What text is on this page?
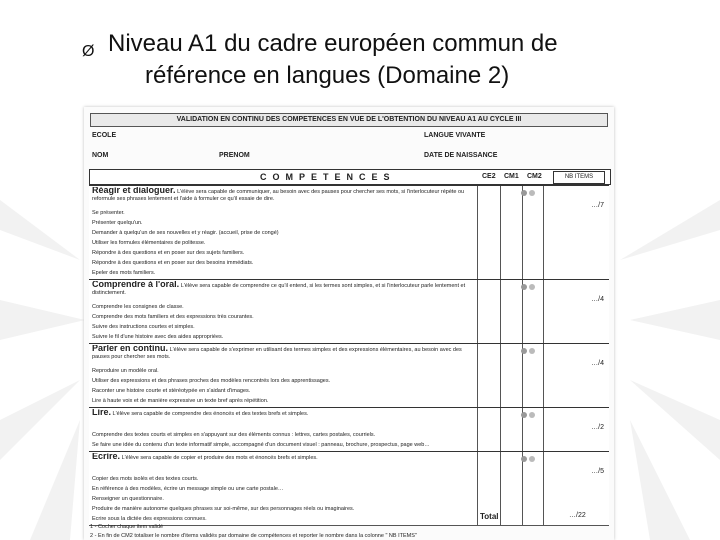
Ø Niveau A1 du cadre européen commun de
référence en langues (Domaine 2)
VALIDATION EN CONTINU DES COMPETENCES EN VUE DE L'OBTENTION DU NIVEAU A1 AU CYCLE III
ECOLE	LANGUE VIVANTE
NOM	PRENOM	DATE DE NAISSANCE
COMPETENCES	CE2 CM1 CM2	NB ITEMS
Réagir et dialoguer. L'élève sera capable de communiquer, au besoin avec des pauses pour chercher ses mots, si l'interlocuteur répète ou reformule ses phrases lentement et l'aide à formuler ce qu'il essaie de dire.
…/7
Se présenter.
Présenter quelqu'un.
Demander à quelqu'un de ses nouvelles et y réagir. (accueil, prise de congé)
Utiliser les formules élémentaires de politesse.
Répondre à des questions et en poser sur des sujets familiers.
Répondre à des questions et en poser sur des besoins immédiats.
Epeler des mots familiers.
Comprendre à l'oral. L'élève sera capable de comprendre ce qu'il entend, si les termes sont simples, et si l'interlocuteur parle lentement et distinctement.
…/4
Comprendre les consignes de classe.
Comprendre des mots familiers et des expressions très courantes.
Suivre des instructions courtes et simples.
Suivre le fil d'une histoire avec des aides appropriées.
Parler en continu. L'élève sera capable de s'exprimer en utilisant des termes simples et des expressions élémentaires, au besoin avec des pauses pour chercher ses mots.
…/4
Reproduire un modèle oral.
Utiliser des expressions et des phrases proches des modèles rencontrés lors des apprentissages.
Raconter une histoire courte et stéréotypée en s'aidant d'images.
Lire à haute voix et de manière expressive un texte bref après répétition.
Lire. L'élève sera capable de comprendre des énoncés et des textes brefs et simples.
…/2
Comprendre des textes courts et simples en s'appuyant sur des éléments connus : lettres, cartes postales, courriels.
Se faire une idée du contenu d'un texte informatif simple, accompagné d'un document visuel : panneau, brochure, prospectus, page web…
Ecrire. L'élève sera capable de copier et produire des mots et énoncés brefs et simples.
…/5
Copier des mots isolés et des textes courts.
En référence à des modèles, écrire un message simple ou une carte postale…
Renseigner un questionnaire.
Produire de manière autonome quelques phrases sur soi-même, sur des personnages réels ou imaginaires.
Ecrire sous la dictée des expressions connues.	Total	…/22
1 - Cocher chaque item validé
2 - En fin de CM2 totaliser le nombre d'items validés par domaine de compétences et reporter le nombre dans la colonne " NB ITEMS"
